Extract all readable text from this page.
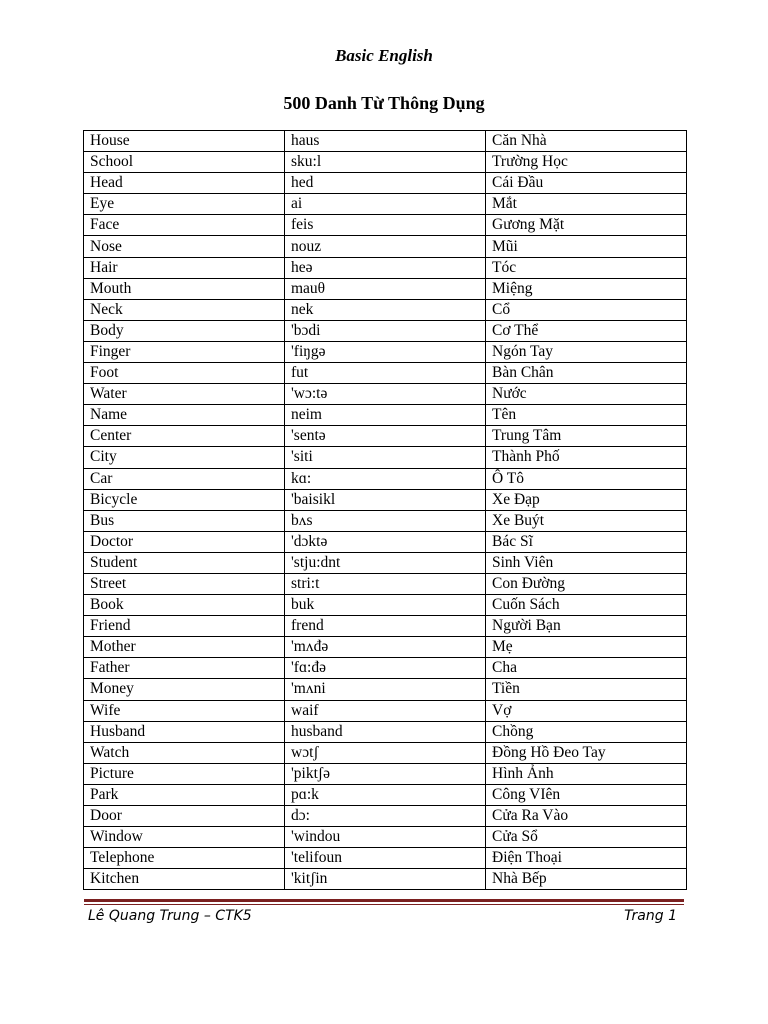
Basic English
500 Danh Từ Thông Dụng
House	haus	Căn Nhà
School	sku:l	Trường Học
Head	hed	Cái Đầu
Eye	ai	Mắt
Face	feis	Gương Mặt
Nose	nouz	Mũi
Hair	heə	Tóc
Mouth	mauθ	Miệng
Neck	nek	Cổ
Body	'bɔdi	Cơ Thể
Finger	'fiŋgə	Ngón Tay
Foot	fut	Bàn Chân
Water	'wɔ:tə	Nước
Name	neim	Tên
Center	'sentə	Trung Tâm
City	'siti	Thành Phố
Car	kɑ:	Ô Tô
Bicycle	'baisikl	Xe Đạp
Bus	bʌs	Xe Buýt
Doctor	'dɔktə	Bác Sĩ
Student	'stju:dnt	Sinh Viên
Street	stri:t	Con Đường
Book	buk	Cuốn Sách
Friend	frend	Người Bạn
Mother	'mʌđə	Mẹ
Father	'fɑ:đə	Cha
Money	'mʌni	Tiền
Wife	waif	Vợ
Husband	husband	Chồng
Watch	wɔtʃ	Đồng Hồ Đeo Tay
Picture	'piktʃə	Hình Ảnh
Park	pɑ:k	Công VIên
Door	dɔ:	Cửa Ra Vào
Window	'windou	Cửa Sổ
Telephone	'telifoun	Điện Thoại
Kitchen	'kitʃin	Nhà Bếp
Lê Quang Trung – CTK5	Trang 1
